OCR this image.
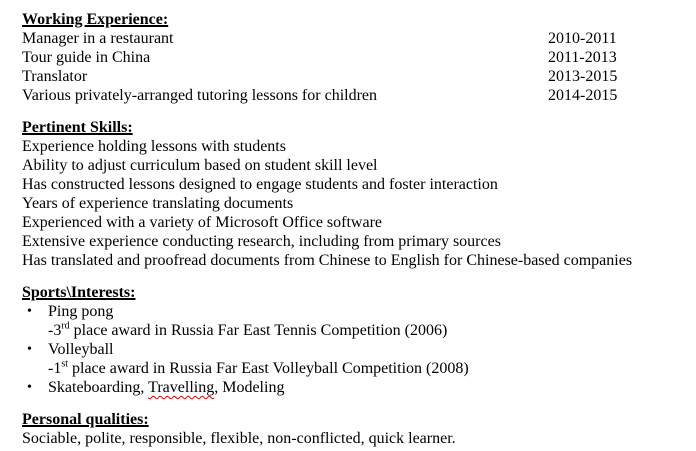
Working Experience:
Manager in a restaurant	2010-2011
Tour guide in China	2011-2013
Translator	2013-2015
Various privately-arranged tutoring lessons for children	2014-2015
Pertinent Skills:
Experience holding lessons with students
Ability to adjust curriculum based on student skill level
Has constructed lessons designed to engage students and foster interaction
Years of experience translating documents
Experienced with a variety of Microsoft Office software
Extensive experience conducting research, including from primary sources
Has translated and proofread documents from Chinese to English for Chinese-based companies
Sports\Interests:
•	Ping pong
-3rd place award in Russia Far East Tennis Competition (2006)
•	Volleyball
-1st place award in Russia Far East Volleyball Competition (2008)
•	Skateboarding, Travelling, Modeling
Personal qualities:
Sociable, polite, responsible, flexible, non-conflicted, quick learner.
